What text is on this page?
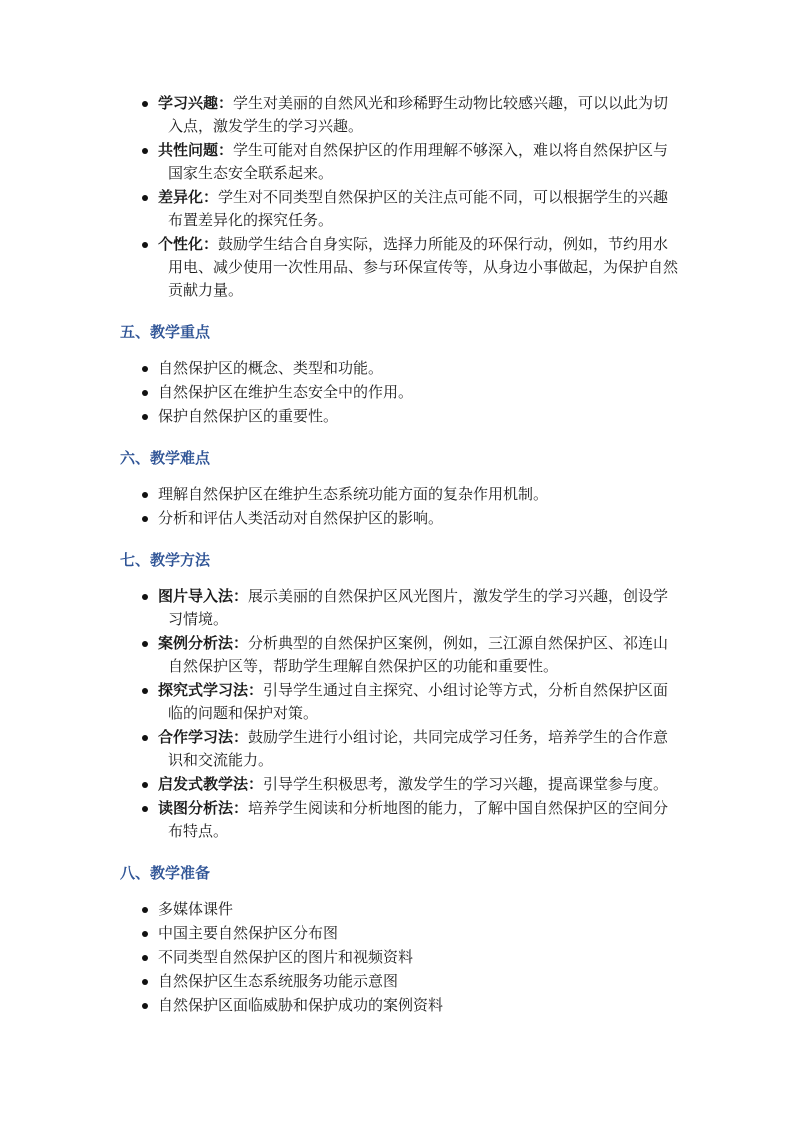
学习兴趣：学生对美丽的自然风光和珍稀野生动物比较感兴趣，可以以此为切入点，激发学生的学习兴趣。
共性问题：学生可能对自然保护区的作用理解不够深入，难以将自然保护区与国家生态安全联系起来。
差异化：学生对不同类型自然保护区的关注点可能不同，可以根据学生的兴趣布置差异化的探究任务。
个性化：鼓励学生结合自身实际，选择力所能及的环保行动，例如，节约用水用电、减少使用一次性用品、参与环保宣传等，从身边小事做起，为保护自然贡献力量。
五、教学重点
自然保护区的概念、类型和功能。
自然保护区在维护生态安全中的作用。
保护自然保护区的重要性。
六、教学难点
理解自然保护区在维护生态系统功能方面的复杂作用机制。
分析和评估人类活动对自然保护区的影响。
七、教学方法
图片导入法：展示美丽的自然保护区风光图片，激发学生的学习兴趣，创设学习情境。
案例分析法：分析典型的自然保护区案例，例如，三江源自然保护区、祁连山自然保护区等，帮助学生理解自然保护区的功能和重要性。
探究式学习法：引导学生通过自主探究、小组讨论等方式，分析自然保护区面临的问题和保护对策。
合作学习法：鼓励学生进行小组讨论，共同完成学习任务，培养学生的合作意识和交流能力。
启发式教学法：引导学生积极思考，激发学生的学习兴趣，提高课堂参与度。
读图分析法：培养学生阅读和分析地图的能力，了解中国自然保护区的空间分布特点。
八、教学准备
多媒体课件
中国主要自然保护区分布图
不同类型自然保护区的图片和视频资料
自然保护区生态系统服务功能示意图
自然保护区面临威胁和保护成功的案例资料
